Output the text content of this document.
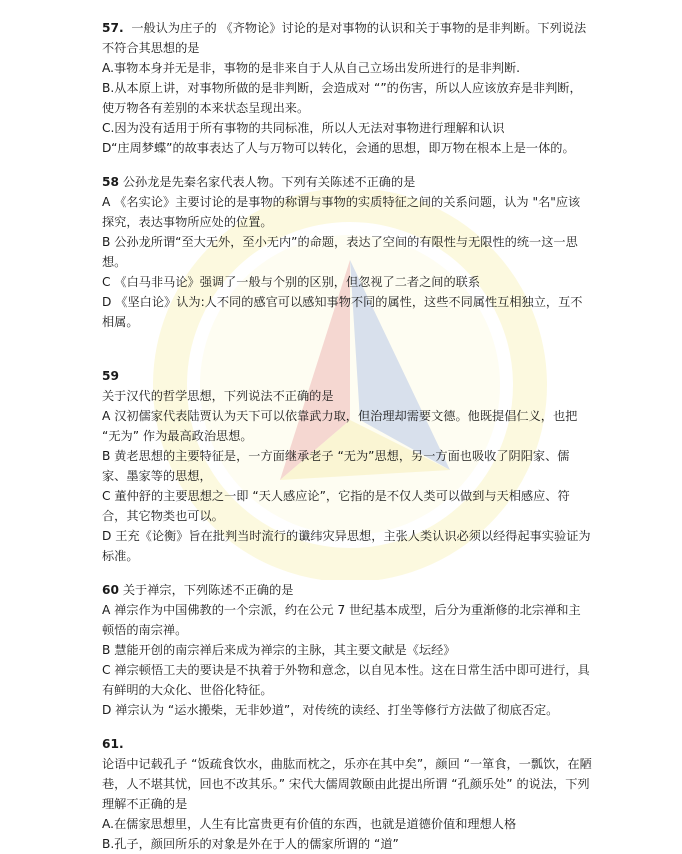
57. 一般认为庄子的 《齐物论》讨论的是对事物的认识和关于事物的是非判断。下列说法不符合其思想的是

A.事物本身并无是非，事物的是非来自于人从自己立场出发所进行的是非判断.

B.从本原上讲，对事物所做的是非判断，会造成对 “”的伤害，所以人应该放弃是非判断，使万物各有差别的本来状态呈现出来。

C.因为没有适用于所有事物的共同标准，所以人无法对事物进行理解和认识

D“庄周梦蝶”的故事表达了人与万物可以转化，会通的思想，即万物在根本上是一体的。

58 公孙龙是先秦名家代表人物。下列有关陈述不正确的是

A 《名实论》主要讨论的是事物的称谓与事物的实质特征之间的关系问题，认为 "名"应该探究，表达事物所应处的位置。

B 公孙龙所谓“至大无外，至小无内”的命题，表达了空间的有限性与无限性的统一这一思想。

C 《白马非马论》强调了一般与个别的区别，但忽视了二者之间的联系

D 《坚白论》认为:人不同的感官可以感知事物不同的属性，这些不同属性互相独立，互不相属。

59

关于汉代的哲学思想，下列说法不正确的是

A 汉初儒家代表陆贾认为天下可以依靠武力取，但治理却需要文德。他既提倡仁义，也把 “无为” 作为最高政治思想。

B 黄老思想的主要特征是，一方面继承老子 “无为”思想，另一方面也吸收了阴阳家、儒家、墨家等的思想，

C 董仲舒的主要思想之一即 “天人感应论”，它指的是不仅人类可以做到与天相感应、符合，其它物类也可以。

D 王充《论衡》旨在批判当时流行的谶纬灾异思想，主张人类认识必须以经得起事实验证为标准。

60 关于禅宗，下列陈述不正确的是

A 禅宗作为中国佛教的一个宗派，约在公元 7 世纪基本成型，后分为重渐修的北宗禅和主顿悟的南宗禅。

B 慧能开创的南宗禅后来成为禅宗的主脉，其主要文献是《坛经》

C 禅宗顿悟工夫的要诀是不执着于外物和意念，以自见本性。这在日常生活中即可进行，具有鲜明的大众化、世俗化特征。

D 禅宗认为 “运水搬柴，无非妙道”，对传统的读经、打坐等修行方法做了彻底否定。

61.

论语中记载孔子 “饭疏食饮水，曲肱而枕之，乐亦在其中矣”，颜回 “一箪食，一瓢饮，在陋巷，人不堪其忧，回也不改其乐。” 宋代大儒周敦颐由此提出所谓 “孔颜乐处” 的说法，下列理解不正确的是

A.在儒家思想里，人生有比富贵更有价值的东西，也就是道德价值和理想人格

B.孔子，颜回所乐的对象是外在于人的儒家所谓的 “道”
